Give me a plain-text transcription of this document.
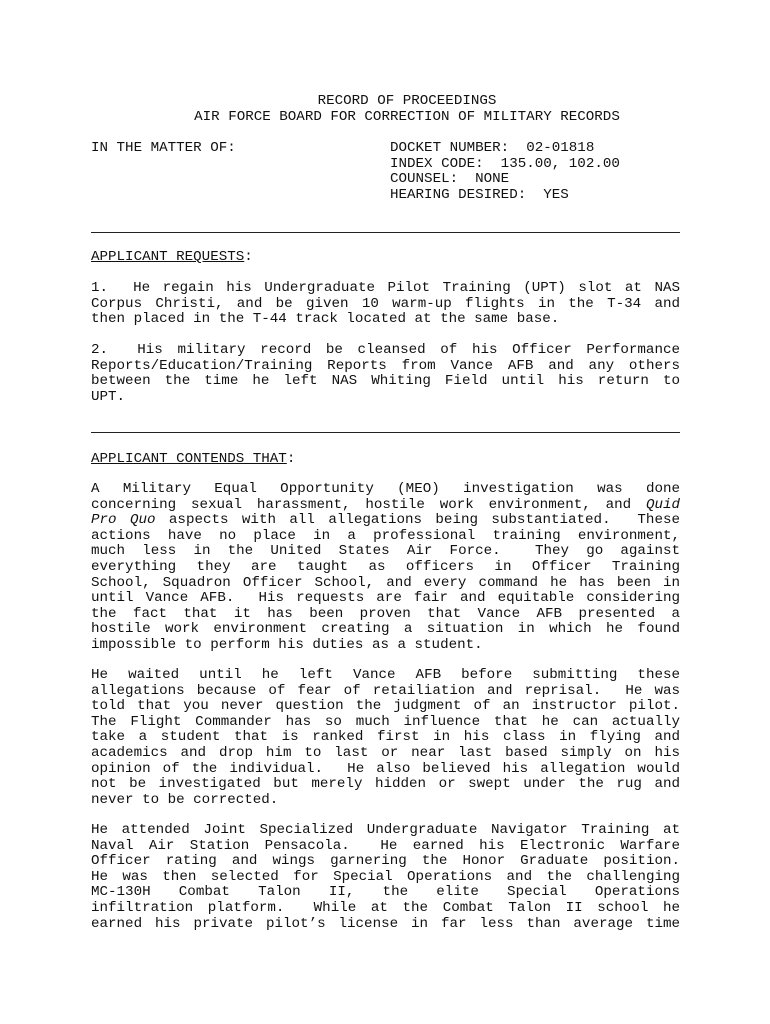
RECORD OF PROCEEDINGS
AIR FORCE BOARD FOR CORRECTION OF MILITARY RECORDS
IN THE MATTER OF:	DOCKET NUMBER:  02-01818
INDEX CODE:  135.00, 102.00
COUNSEL:  NONE
HEARING DESIRED:  YES
APPLICANT REQUESTS:
1.  He regain his Undergraduate Pilot Training (UPT) slot at NAS
Corpus Christi, and be given 10 warm-up flights in the T-34 and
then placed in the T-44 track located at the same base.
2.  His military record be cleansed of his Officer Performance
Reports/Education/Training Reports from Vance AFB and any others
between the time he left NAS Whiting Field until his return to
UPT.
APPLICANT CONTENDS THAT:
A Military Equal Opportunity (MEO) investigation was done
concerning sexual harassment, hostile work environment, and Quid
Pro Quo aspects with all allegations being substantiated.  These
actions have no place in a professional training environment,
much less in the United States Air Force.  They go against
everything they are taught as officers in Officer Training
School, Squadron Officer School, and every command he has been in
until Vance AFB.  His requests are fair and equitable considering
the fact that it has been proven that Vance AFB presented a
hostile work environment creating a situation in which he found
impossible to perform his duties as a student.
He waited until he left Vance AFB before submitting these
allegations because of fear of retailiation and reprisal.  He was
told that you never question the judgment of an instructor pilot.
The Flight Commander has so much influence that he can actually
take a student that is ranked first in his class in flying and
academics and drop him to last or near last based simply on his
opinion of the individual.  He also believed his allegation would
not be investigated but merely hidden or swept under the rug and
never to be corrected.
He attended Joint Specialized Undergraduate Navigator Training at
Naval Air Station Pensacola.  He earned his Electronic Warfare
Officer rating and wings garnering the Honor Graduate position.
He was then selected for Special Operations and the challenging
MC-130H Combat Talon II, the elite Special Operations
infiltration platform.  While at the Combat Talon II school he
earned his private pilot’s license in far less than average time
